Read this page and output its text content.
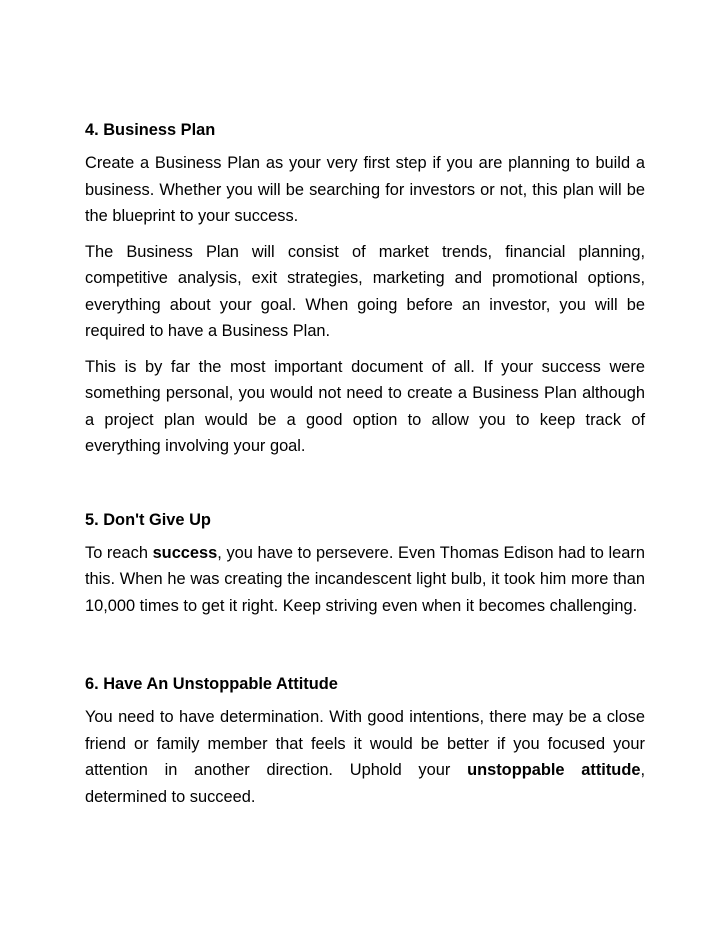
4. Business Plan

Create a Business Plan as your very first step if you are planning to build a business. Whether you will be searching for investors or not, this plan will be the blueprint to your success.

The Business Plan will consist of market trends, financial planning, competitive analysis, exit strategies, marketing and promotional options, everything about your goal. When going before an investor, you will be required to have a Business Plan.

This is by far the most important document of all. If your success were something personal, you would not need to create a Business Plan although a project plan would be a good option to allow you to keep track of everything involving your goal.

5. Don't Give Up

To reach success, you have to persevere. Even Thomas Edison had to learn this. When he was creating the incandescent light bulb, it took him more than 10,000 times to get it right. Keep striving even when it becomes challenging.

6. Have An Unstoppable Attitude

You need to have determination. With good intentions, there may be a close friend or family member that feels it would be better if you focused your attention in another direction. Uphold your unstoppable attitude, determined to succeed.
